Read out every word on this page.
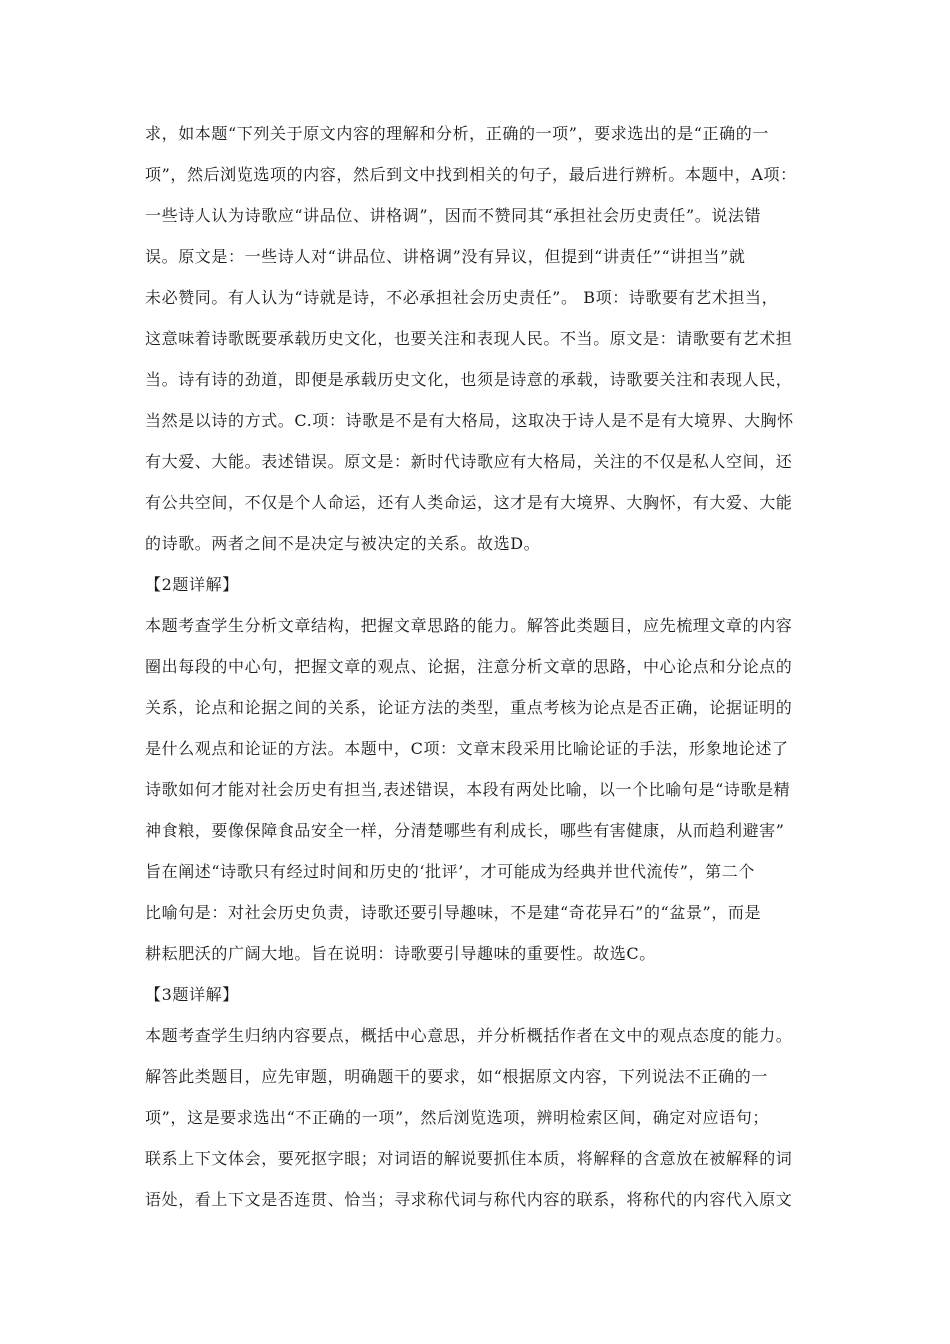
求，如本题“下列关于原文内容的理解和分析，正确的一项”，要求选出的是“正确的一
项”，然后浏览选项的内容，然后到文中找到相关的句子，最后进行辨析。本题中，A项：
一些诗人认为诗歌应“讲品位、讲格调”，因而不赞同其“承担社会历史责任”。说法错
误。原文是：一些诗人对“讲品位、讲格调”没有异议，但提到“讲责任”“讲担当”就
未必赞同。有人认为“诗就是诗，不必承担社会历史责任”。 B项：诗歌要有艺术担当，
这意味着诗歌既要承载历史文化，也要关注和表现人民。不当。原文是：请歌要有艺术担
当。诗有诗的劲道，即便是承载历史文化，也须是诗意的承载，诗歌要关注和表现人民，
当然是以诗的方式。C.项：诗歌是不是有大格局，这取决于诗人是不是有大境界、大胸怀
有大爱、大能。表述错误。原文是：新时代诗歌应有大格局，关注的不仅是私人空间，还
有公共空间，不仅是个人命运，还有人类命运，这才是有大境界、大胸怀，有大爱、大能
的诗歌。两者之间不是决定与被决定的关系。故选D。
【2题详解】
本题考查学生分析文章结构，把握文章思路的能力。解答此类题目，应先梳理文章的内容
圈出每段的中心句，把握文章的观点、论据，注意分析文章的思路，中心论点和分论点的
关系，论点和论据之间的关系，论证方法的类型，重点考核为论点是否正确，论据证明的
是什么观点和论证的方法。本题中，C项：文章末段采用比喻论证的手法，形象地论述了
诗歌如何才能对社会历史有担当,表述错误，本段有两处比喻，以一个比喻句是“诗歌是精
神食粮，要像保障食品安全一样，分清楚哪些有利成长，哪些有害健康，从而趋利避害”
旨在阐述“诗歌只有经过时间和历史的‘批评’，才可能成为经典并世代流传”，第二个
比喻句是：对社会历史负责，诗歌还要引导趣味，不是建“奇花异石”的“盆景”，而是
耕耘肥沃的广阔大地。旨在说明：诗歌要引导趣味的重要性。故选C。
【3题详解】
本题考查学生归纳内容要点，概括中心意思，并分析概括作者在文中的观点态度的能力。
解答此类题目，应先审题，明确题干的要求，如“根据原文内容，下列说法不正确的一
项”，这是要求选出“不正确的一项”，然后浏览选项，辨明检索区间，确定对应语句；
联系上下文体会，要死抠字眼；对词语的解说要抓住本质，将解释的含意放在被解释的词
语处，看上下文是否连贯、恰当；寻求称代词与称代内容的联系，将称代的内容代入原文
